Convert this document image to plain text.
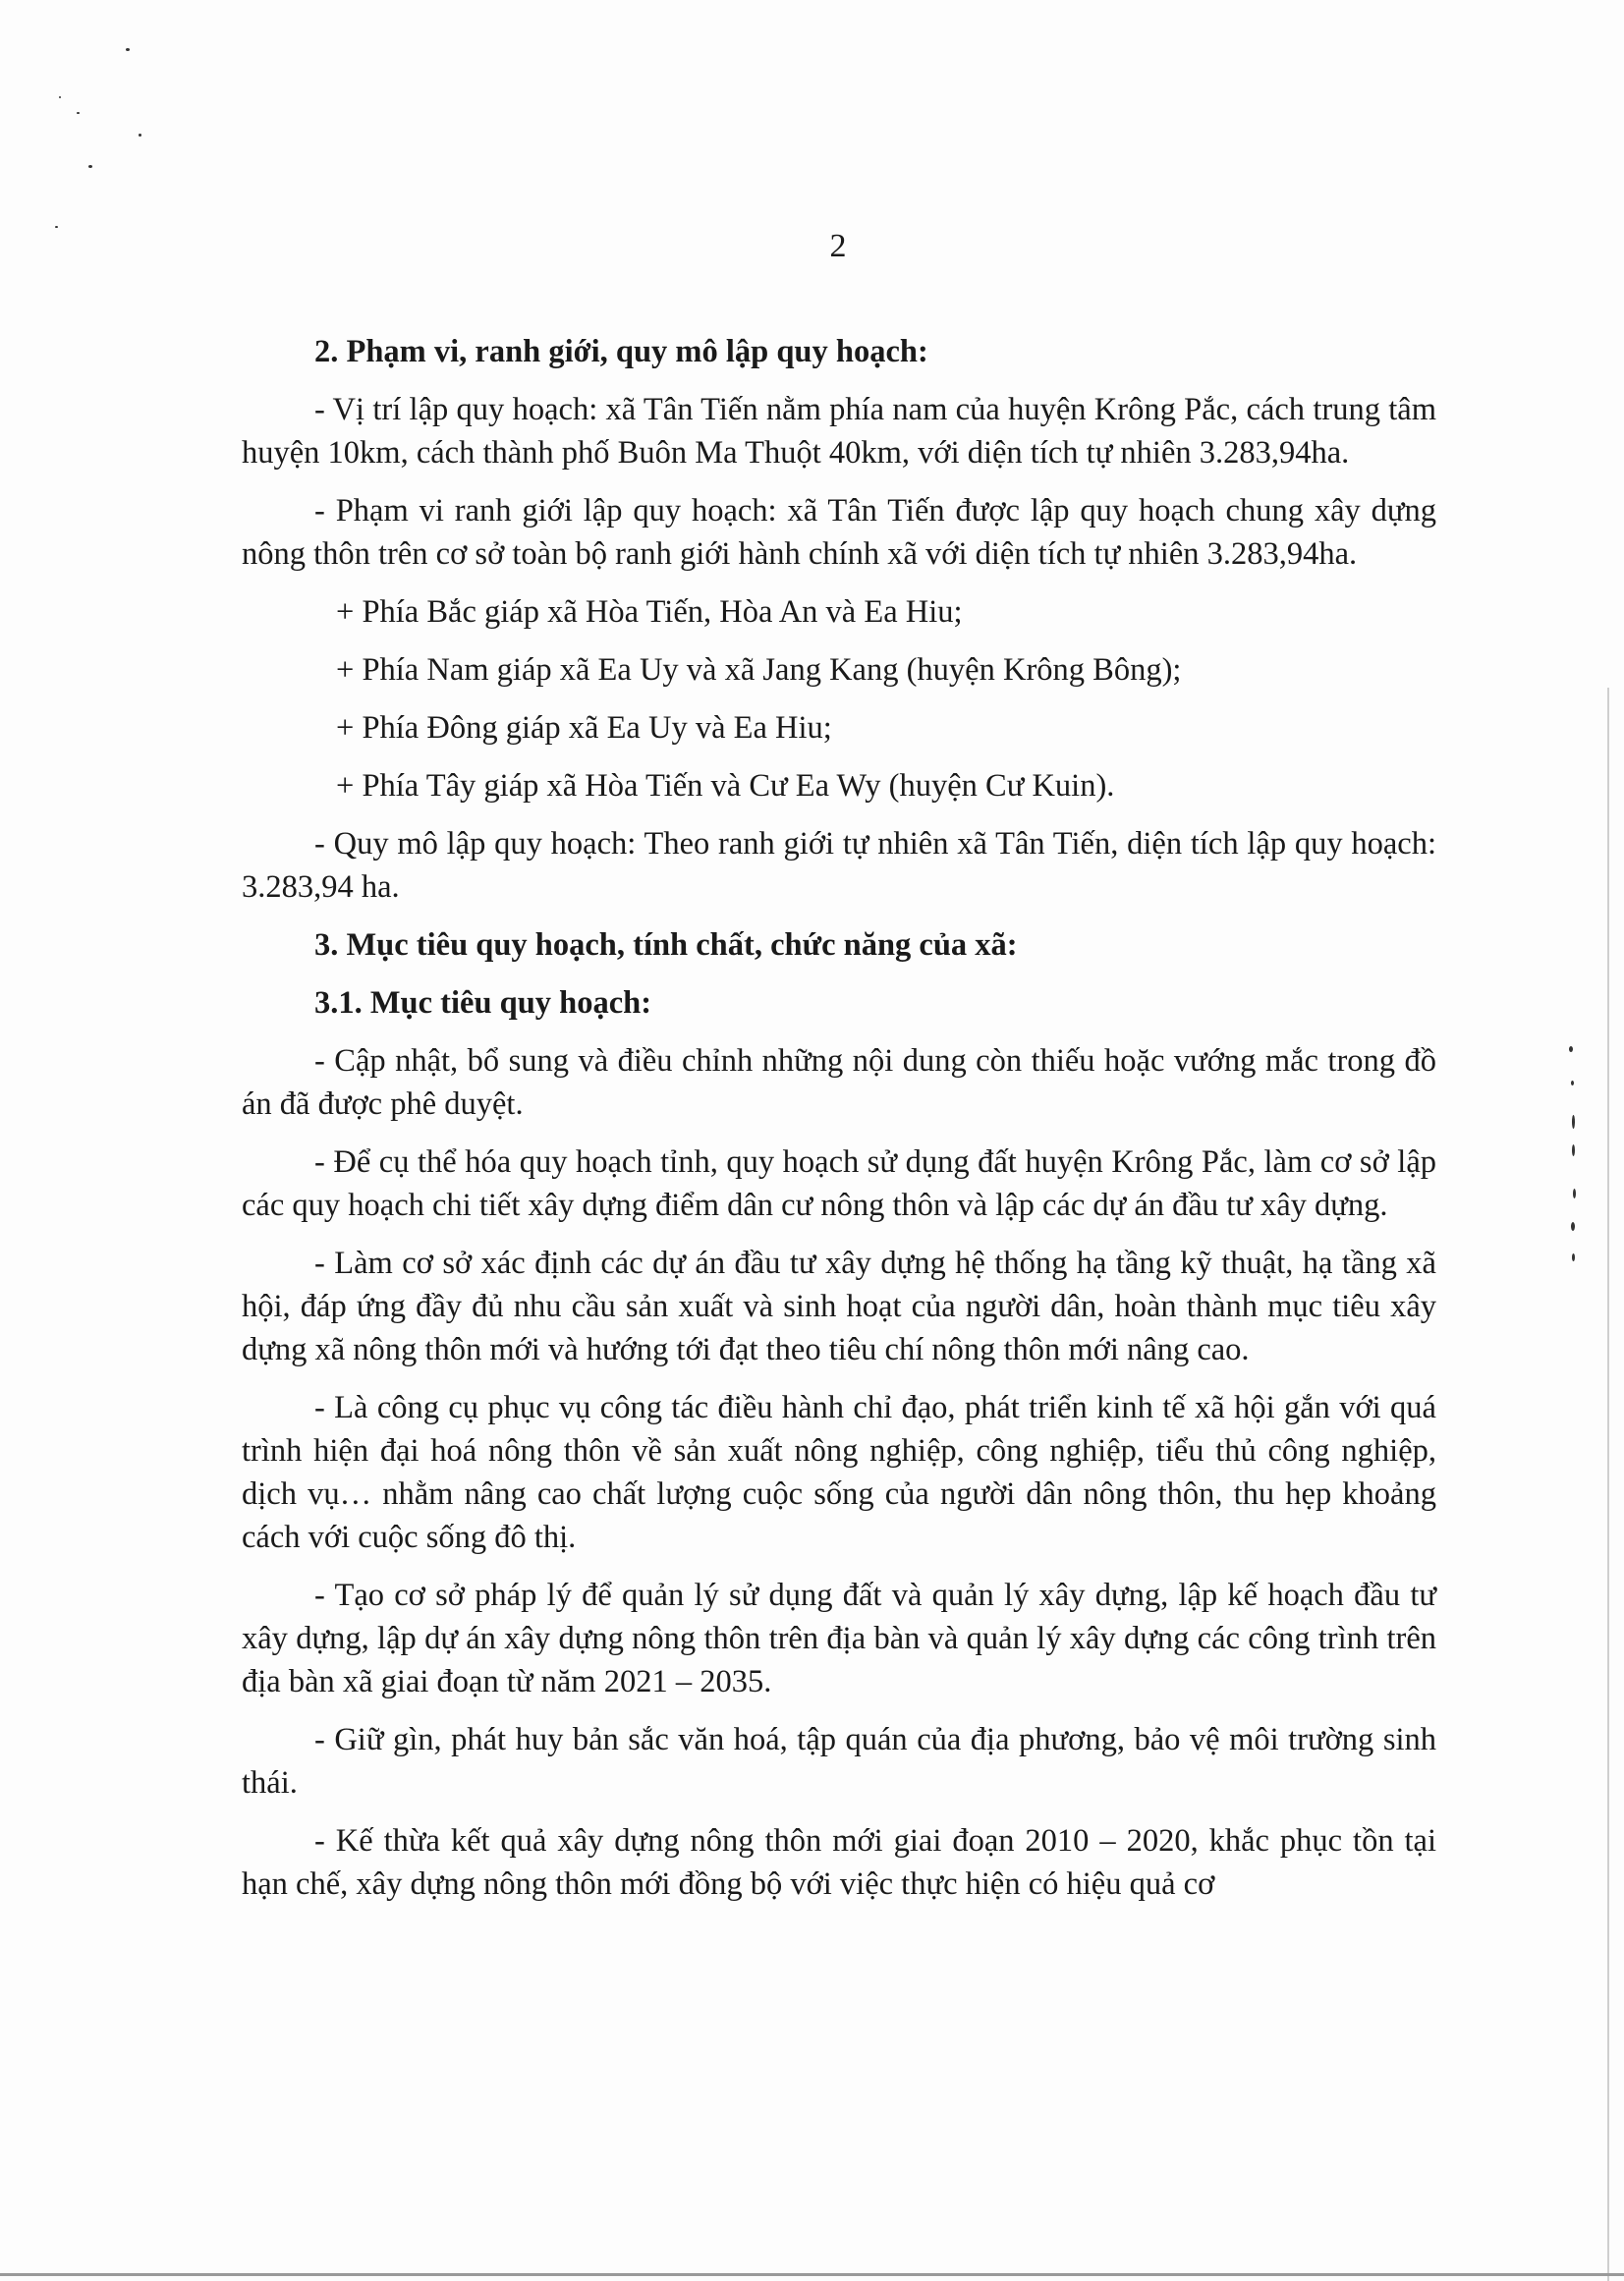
2
2. Phạm vi, ranh giới, quy mô lập quy hoạch:
- Vị trí lập quy hoạch: xã Tân Tiến nằm phía nam của huyện Krông Pắc, cách trung tâm huyện 10km, cách thành phố Buôn Ma Thuột 40km, với diện tích tự nhiên 3.283,94ha.
- Phạm vi ranh giới lập quy hoạch: xã Tân Tiến được lập quy hoạch chung xây dựng nông thôn trên cơ sở toàn bộ ranh giới hành chính xã với diện tích tự nhiên 3.283,94ha.
+ Phía Bắc giáp xã Hòa Tiến, Hòa An và Ea Hiu;
+ Phía Nam giáp xã Ea Uy và xã Jang Kang (huyện Krông Bông);
+ Phía Đông giáp xã Ea Uy và Ea Hiu;
+ Phía Tây giáp xã Hòa Tiến và Cư Ea Wy (huyện Cư Kuin).
- Quy mô lập quy hoạch: Theo ranh giới tự nhiên xã Tân Tiến, diện tích lập quy hoạch: 3.283,94 ha.
3. Mục tiêu quy hoạch, tính chất, chức năng của xã:
3.1. Mục tiêu quy hoạch:
- Cập nhật, bổ sung và điều chỉnh những nội dung còn thiếu hoặc vướng mắc trong đồ án đã được phê duyệt.
- Để cụ thể hóa quy hoạch tỉnh, quy hoạch sử dụng đất huyện Krông Pắc, làm cơ sở lập các quy hoạch chi tiết xây dựng điểm dân cư nông thôn và lập các dự án đầu tư xây dựng.
- Làm cơ sở xác định các dự án đầu tư xây dựng hệ thống hạ tầng kỹ thuật, hạ tầng xã hội, đáp ứng đầy đủ nhu cầu sản xuất và sinh hoạt của người dân, hoàn thành mục tiêu xây dựng xã nông thôn mới và hướng tới đạt theo tiêu chí nông thôn mới nâng cao.
- Là công cụ phục vụ công tác điều hành chỉ đạo, phát triển kinh tế xã hội gắn với quá trình hiện đại hoá nông thôn về sản xuất nông nghiệp, công nghiệp, tiểu thủ công nghiệp, dịch vụ… nhằm nâng cao chất lượng cuộc sống của người dân nông thôn, thu hẹp khoảng cách với cuộc sống đô thị.
- Tạo cơ sở pháp lý để quản lý sử dụng đất và quản lý xây dựng, lập kế hoạch đầu tư xây dựng, lập dự án xây dựng nông thôn trên địa bàn và quản lý xây dựng các công trình trên địa bàn xã giai đoạn từ năm 2021 – 2035.
- Giữ gìn, phát huy bản sắc văn hoá, tập quán của địa phương, bảo vệ môi trường sinh thái.
- Kế thừa kết quả xây dựng nông thôn mới giai đoạn 2010 – 2020, khắc phục tồn tại hạn chế, xây dựng nông thôn mới đồng bộ với việc thực hiện có hiệu quả cơ
